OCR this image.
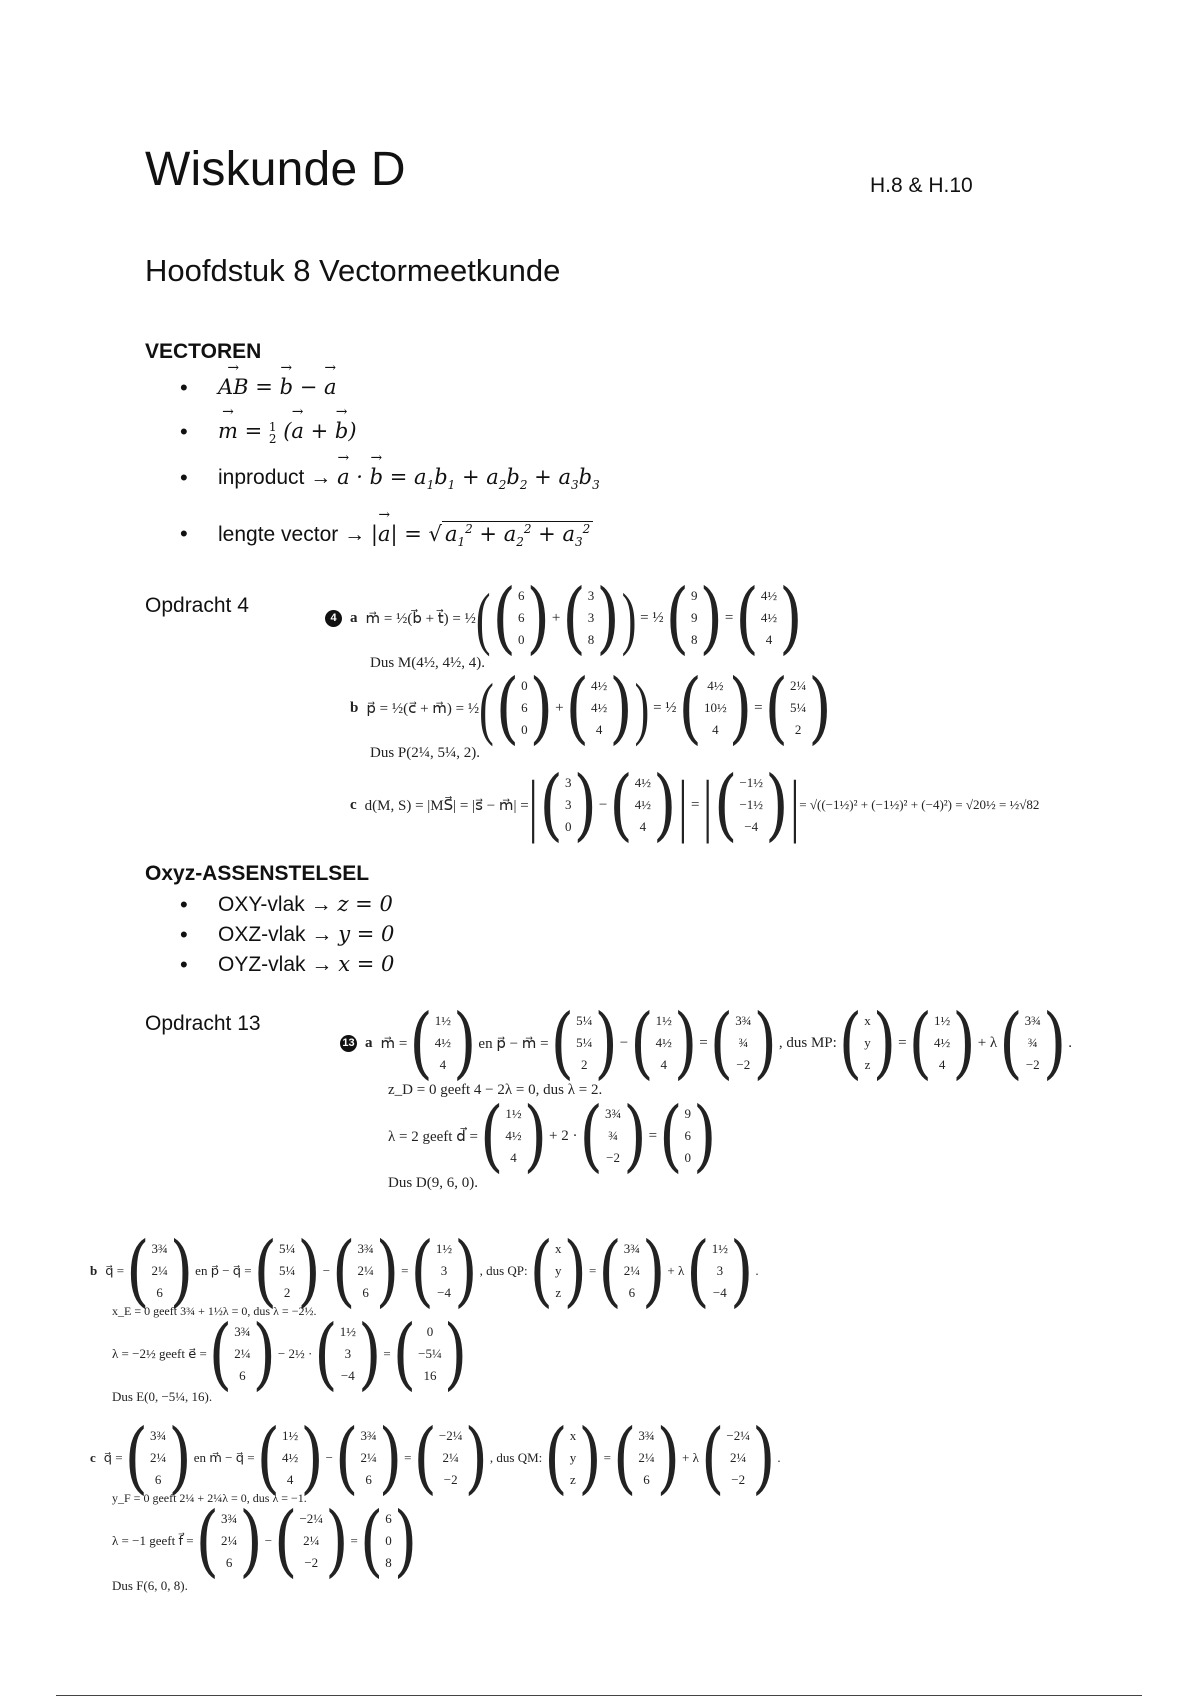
Wiskunde D	H.8 & H.10
Hoofdstuk 8 Vectormeetkunde
VECTOREN
• → AB = → b − → a
• → m = 1
2 (→ a + → b)
• inproduct → → a · → $b = a_1b_1 + a_2b_2 + a_3b_3$
• lengte vector → |→ a| = √ $a_1^2 + a_2^2 + a_3^2$
Opdracht 4
4 a m⃗ = ½(b⃗ + t⃗) = ½ ( ( 6
6
0 ) + ( 3
3
8 ) ) = ½ ( 9
9
8 ) = ( 4½
4½
4 )
Dus M(4½, 4½, 4).
b p⃗ = ½(c⃗ + m⃗) = ½ ( ( 0
6
0 ) + ( 4½
4½
4 ) ) = ½ ( 4½
10½
4 ) = ( 2¼
5¼
2 )
Dus P(2¼, 5¼, 2).
c d(M, S) = |MS⃗| = |s⃗ − m⃗| = | ( 3
3
0 ) − ( 4½
4½
4 ) | = | ( −1½
−1½
−4 ) | = √((−1½)² + (−1½)² + (−4)²) = √20½ = ½√82
Oxyz-ASSENSTELSEL
• OXY-vlak → z = 0
• OXZ-vlak → y = 0
• OYZ-vlak → x = 0
Opdracht 13
13 a m⃗ = ( 1½
4½
4 ) en p⃗ − m⃗ = ( 5¼
5¼
2 ) − ( 1½
4½
4 ) = ( 3¾
¾
−2 ) , dus MP: ( x
y
z ) = ( 1½
4½
4 ) + λ ( 3¾
¾
−2 ) .
z_D = 0 geeft 4 − 2λ = 0, dus λ = 2.
λ = 2 geeft d⃗ = ( 1½
4½
4 ) + 2 · ( 3¾
¾
−2 ) = ( 9
6
0 )
Dus D(9, 6, 0).
b q⃗ = ( 3¾
2¼
6 ) en p⃗ − q⃗ = ( 5¼
5¼
2 ) − ( 3¾
2¼
6 ) = ( 1½
3
−4 ) , dus QP: ( x
y
z ) = ( 3¾
2¼
6 ) + λ ( 1½
3
−4 ) .
x_E = 0 geeft 3¾ + 1½λ = 0, dus λ = −2½.
λ = −2½ geeft e⃗ = ( 3¾
2¼
6 ) − 2½ · ( 1½
3
−4 ) = ( 0
−5¼
16 )
Dus E(0, −5¼, 16).
c q⃗ = ( 3¾
2¼
6 ) en m⃗ − q⃗ = ( 1½
4½
4 ) − ( 3¾
2¼
6 ) = ( −2¼
2¼
−2 ) , dus QM: ( x
y
z ) = ( 3¾
2¼
6 ) + λ ( −2¼
2¼
−2 ) .
y_F = 0 geeft 2¼ + 2¼λ = 0, dus λ = −1.
λ = −1 geeft f⃗ = ( 3¾
2¼
6 ) − ( −2¼
2¼
−2 ) = ( 6
0
8 )
Dus F(6, 0, 8).
